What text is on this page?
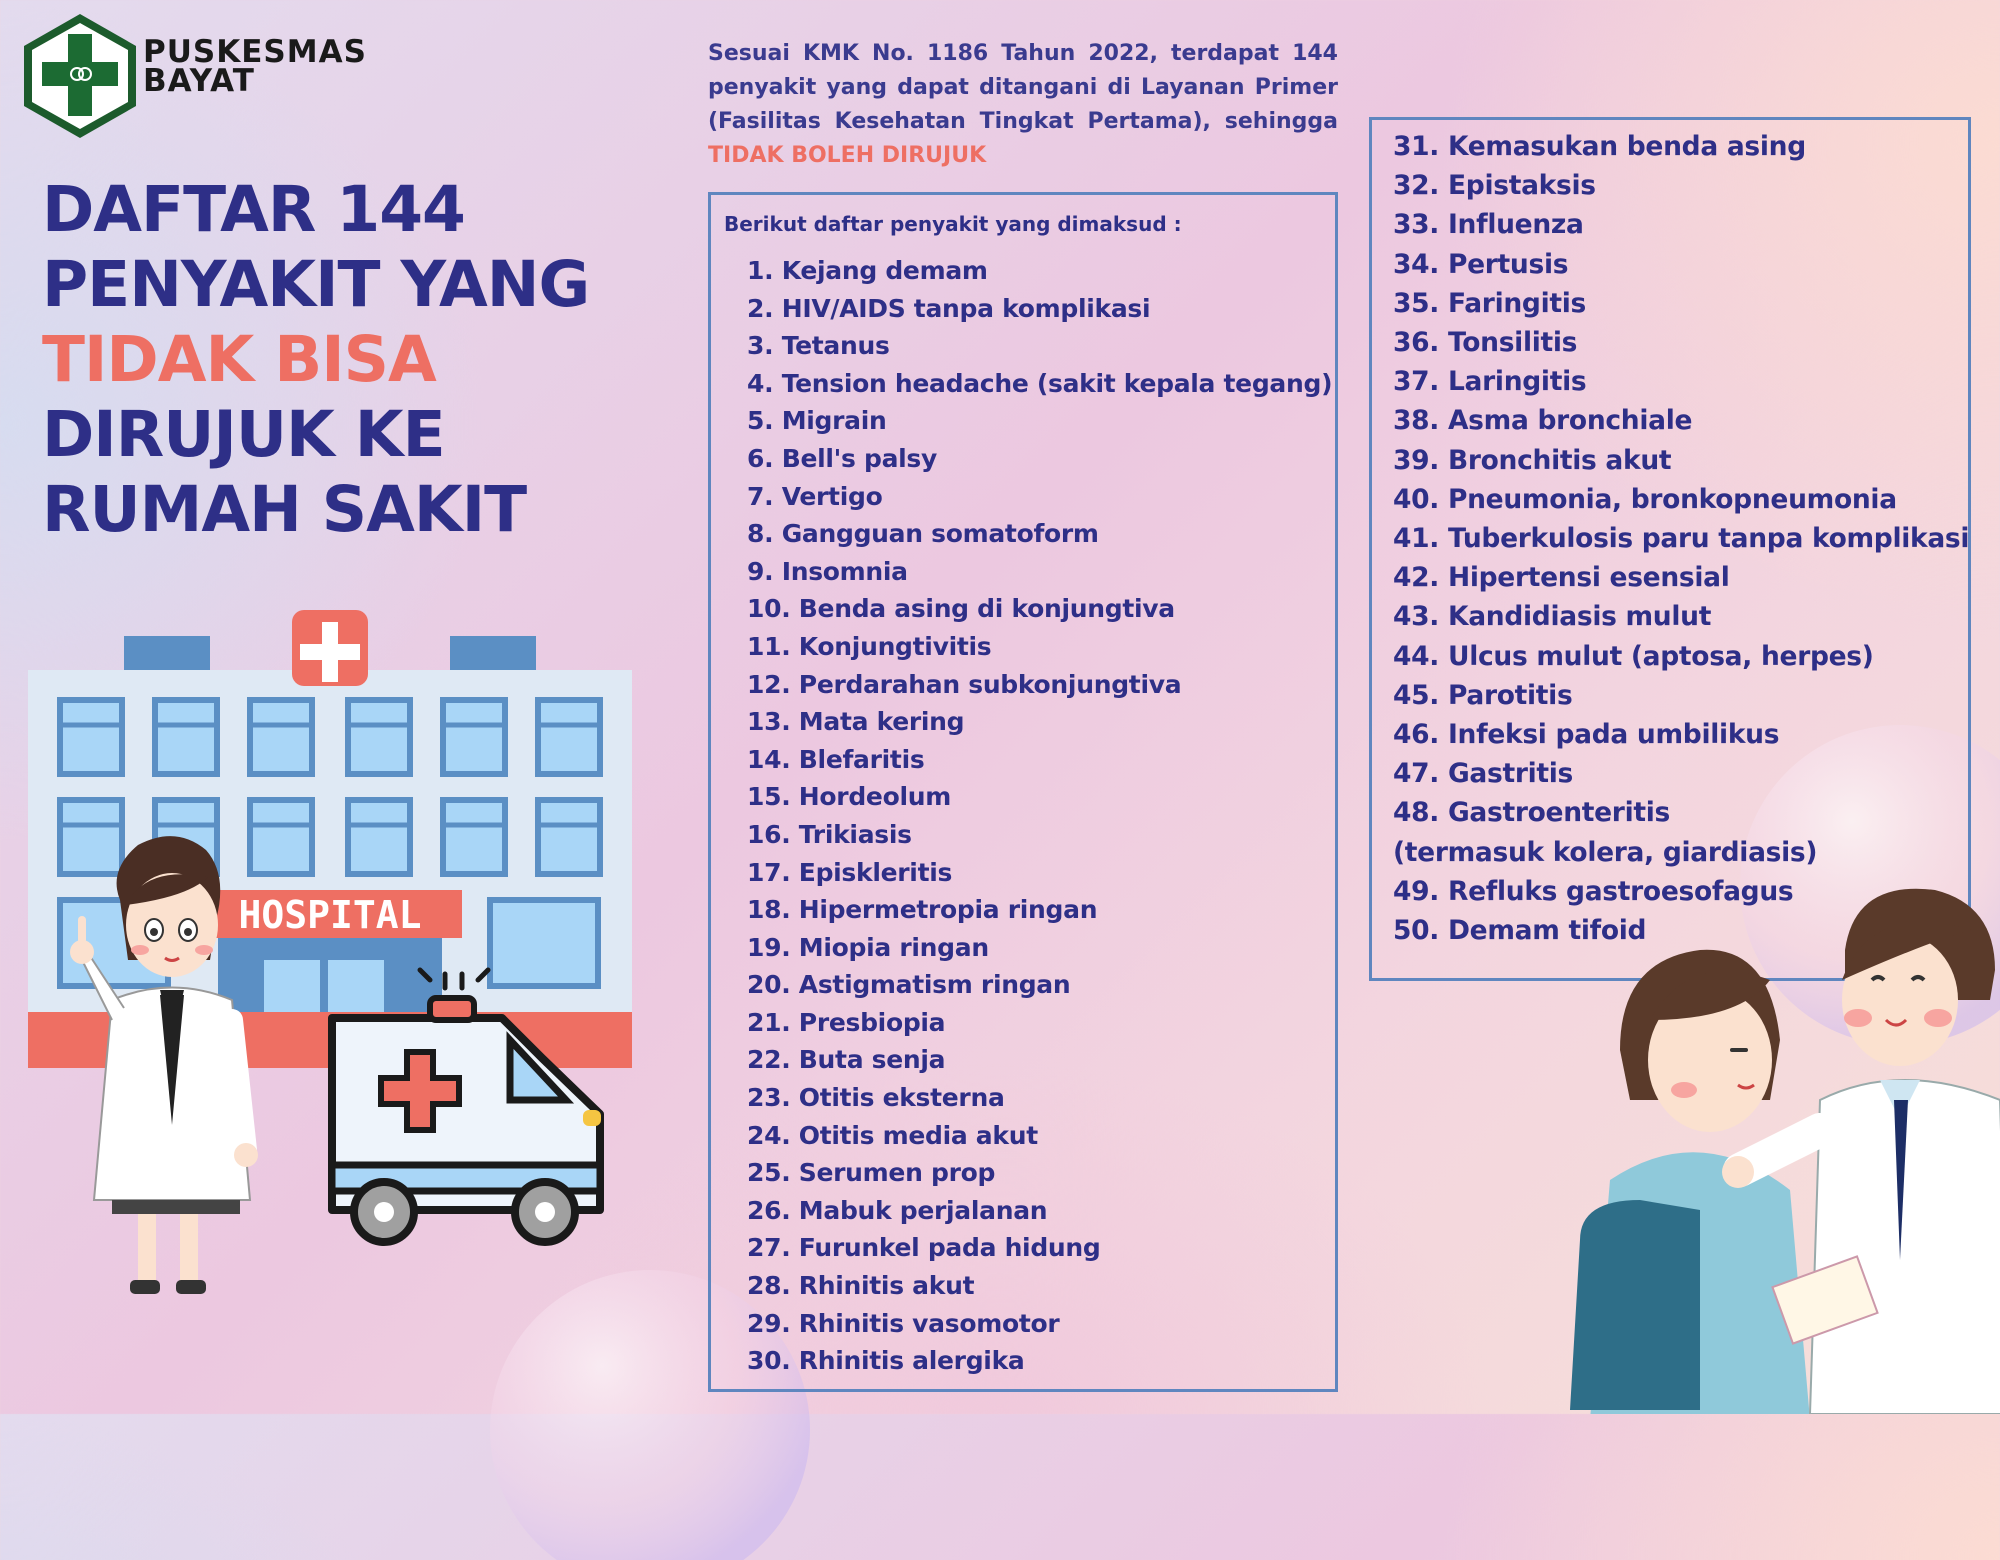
PUSKESMAS
BAYAT
DAFTAR 144
PENYAKIT YANG
TIDAK BISA
DIRUJUK KE
RUMAH SAKIT
Sesuai KMK No. 1186 Tahun 2022, terdapat 144 penyakit yang dapat ditangani di Layanan Primer (Fasilitas Kesehatan Tingkat Pertama), sehingga TIDAK BOLEH DIRUJUK
Berikut daftar penyakit yang dimaksud :
1. Kejang demam
2. HIV/AIDS tanpa komplikasi
3. Tetanus
4. Tension headache (sakit kepala tegang)
5. Migrain
6. Bell's palsy
7. Vertigo
8. Gangguan somatoform
9. Insomnia
10. Benda asing di konjungtiva
11. Konjungtivitis
12. Perdarahan subkonjungtiva
13. Mata kering
14. Blefaritis
15. Hordeolum
16. Trikiasis
17. Episkleritis
18. Hipermetropia ringan
19. Miopia ringan
20. Astigmatism ringan
21. Presbiopia
22. Buta senja
23. Otitis eksterna
24. Otitis media akut
25. Serumen prop
26. Mabuk perjalanan
27. Furunkel pada hidung
28. Rhinitis akut
29. Rhinitis vasomotor
30. Rhinitis alergika
31. Kemasukan benda asing
32. Epistaksis
33. Influenza
34. Pertusis
35. Faringitis
36. Tonsilitis
37. Laringitis
38. Asma bronchiale
39. Bronchitis akut
40. Pneumonia, bronkopneumonia
41. Tuberkulosis paru tanpa komplikasi
42. Hipertensi esensial
43. Kandidiasis mulut
44. Ulcus mulut (aptosa, herpes)
45. Parotitis
46. Infeksi pada umbilikus
47. Gastritis
48. Gastroenteritis
(termasuk kolera, giardiasis)
49. Refluks gastroesofagus
50. Demam tifoid
HOSPITAL
